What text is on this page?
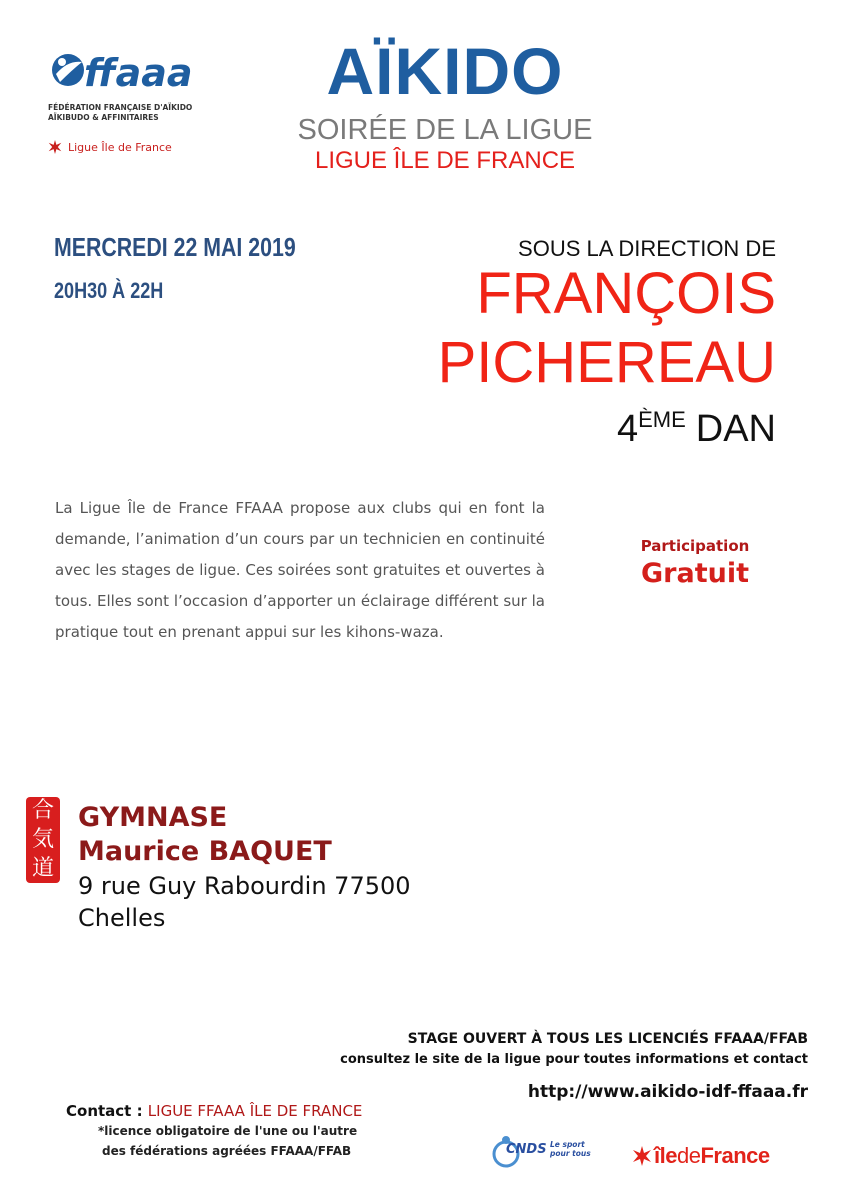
ffaaa
FÉDÉRATION FRANÇAISE D'AÏKIDO
AÏKIBUDO & AFFINITAIRES
Ligue Île de France
AÏKIDO
SOIRÉE DE LA LIGUE
LIGUE ÎLE DE FRANCE
MERCREDI 22 MAI 2019
20H30 À 22H
SOUS LA DIRECTION DE
FRANÇOIS
PICHEREAU
4ÈME DAN
La Ligue Île de France FFAAA propose aux clubs qui en font la demande, l’animation d’un cours par un technicien en continuité avec les stages de ligue. Ces soirées sont gratuites et ouvertes à tous. Elles sont l’occasion d’apporter un éclairage différent sur la pratique tout en prenant appui sur les kihons-waza.
Participation
Gratuit
合
気
道
GYMNASE
Maurice BAQUET
9 rue Guy Rabourdin 77500
Chelles
STAGE OUVERT À TOUS LES LICENCIÉS FFAAA/FFAB
consultez le site de la ligue pour toutes informations et contact
http://www.aikido-idf-ffaaa.fr
Contact : LIGUE FFAAA ÎLE DE FRANCE
*licence obligatoire de l'une ou l'autre
des fédérations agréées FFAAA/FFAB	CNDS Le sport pour tous	îledeFrance
